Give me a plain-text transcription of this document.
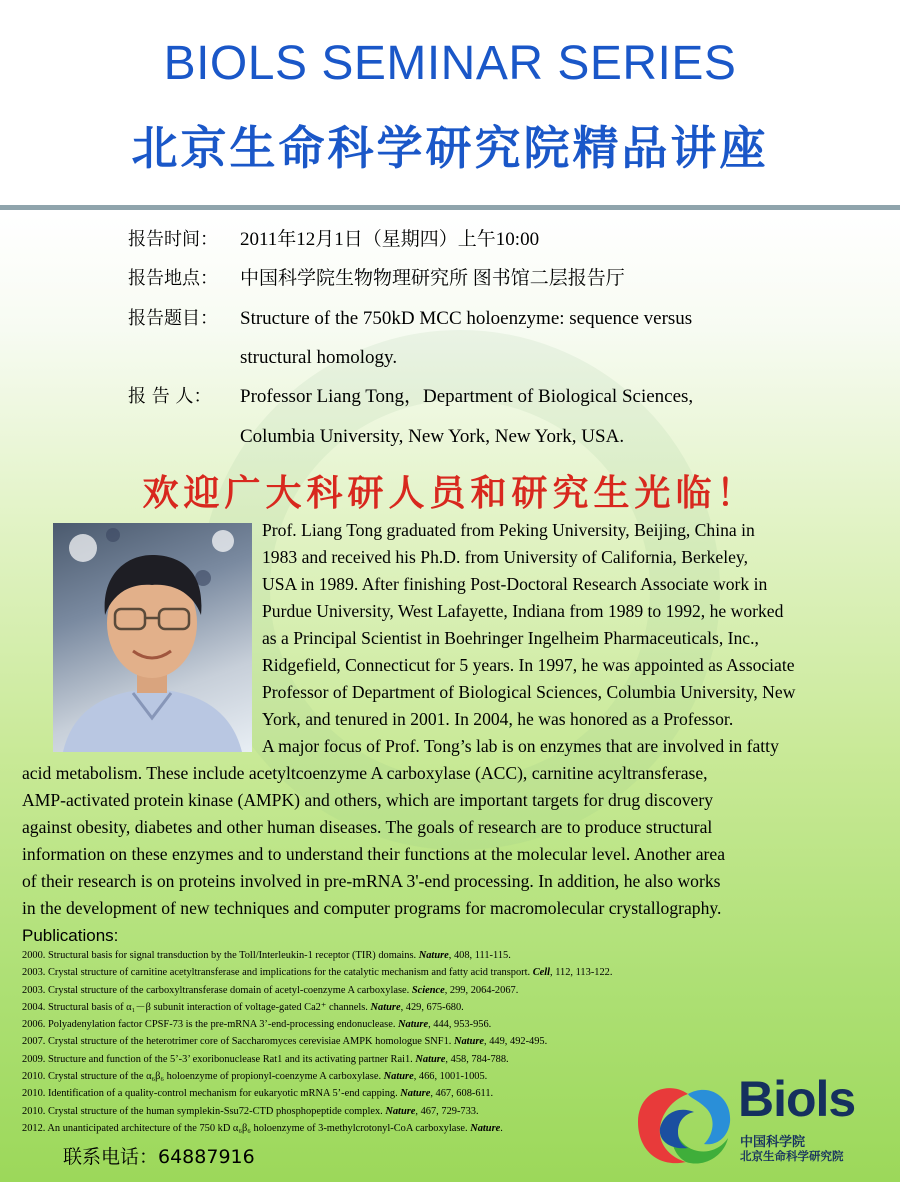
BIOLS SEMINAR SERIES
北京生命科学研究院精品讲座
报告时间： 2011年12月1日（星期四）上午10:00
报告地点： 中国科学院生物物理研究所 图书馆二层报告厅
报告题目： Structure of the 750kD MCC holoenzyme: sequence versus
structural homology.
报 告 人： Professor Liang Tong，Department of Biological Sciences,
Columbia University, New York, New York, USA.
欢迎广大科研人员和研究生光临！
Prof. Liang Tong graduated from Peking University, Beijing, China in
1983 and received his Ph.D. from University of California, Berkeley,
USA in 1989. After finishing Post-Doctoral Research Associate work in
Purdue University, West Lafayette, Indiana from 1989 to 1992, he worked
as a Principal Scientist in Boehringer Ingelheim Pharmaceuticals, Inc.,
Ridgefield, Connecticut for 5 years. In 1997, he was appointed as Associate
Professor of Department of Biological Sciences, Columbia University, New
York, and tenured in 2001. In 2004, he was honored as a Professor.
A major focus of Prof. Tong’s lab is on enzymes that are involved in fatty
acid metabolism. These include acetyltcoenzyme A carboxylase (ACC), carnitine acyltransferase,
AMP-activated protein kinase (AMPK) and others, which are important targets for drug discovery
against obesity, diabetes and other human diseases. The goals of research are to produce structural
information on these enzymes and to understand their functions at the molecular level. Another area
of their research is on proteins involved in pre-mRNA 3'-end processing. In addition, he also works
in the development of new techniques and computer programs for macromolecular crystallography.

Publications:

2000. Structural basis for signal transduction by the Toll/Interleukin-1 receptor (TIR) domains. Nature, 408, 111-115.
2003. Crystal structure of carnitine acetyltransferase and implications for the catalytic mechanism and fatty acid transport. Cell, 112, 113-122.
2003. Crystal structure of the carboxyltransferase domain of acetyl-coenzyme A carboxylase. Science, 299, 2064-2067.
2004. Structural basis of α₁－β subunit interaction of voltage-gated Ca2⁺ channels. Nature, 429, 675-680.
2006. Polyadenylation factor CPSF-73 is the pre-mRNA 3’-end-processing endonuclease. Nature, 444, 953-956.
2007. Crystal structure of the heterotrimer core of Saccharomyces cerevisiae AMPK homologue SNF1. Nature, 449, 492-495.
2009. Structure and function of the 5’-3’ exoribonuclease Rat1 and its activating partner Rai1. Nature, 458, 784-788.
2010. Crystal structure of the α₆β₆ holoenzyme of propionyl-coenzyme A carboxylase. Nature, 466, 1001-1005.
2010. Identification of a quality-control mechanism for eukaryotic mRNA 5’-end capping. Nature, 467, 608-611.
2010. Crystal structure of the human symplekin-Ssu72-CTD phosphopeptide complex. Nature, 467, 729-733.
2012. An unanticipated architecture of the 750 kD α₆β₆ holoenzyme of 3-methylcrotonyl-CoA carboxylase. Nature.

联系电话：64887916

Biols

中国科学院

北京生命科学研究院
